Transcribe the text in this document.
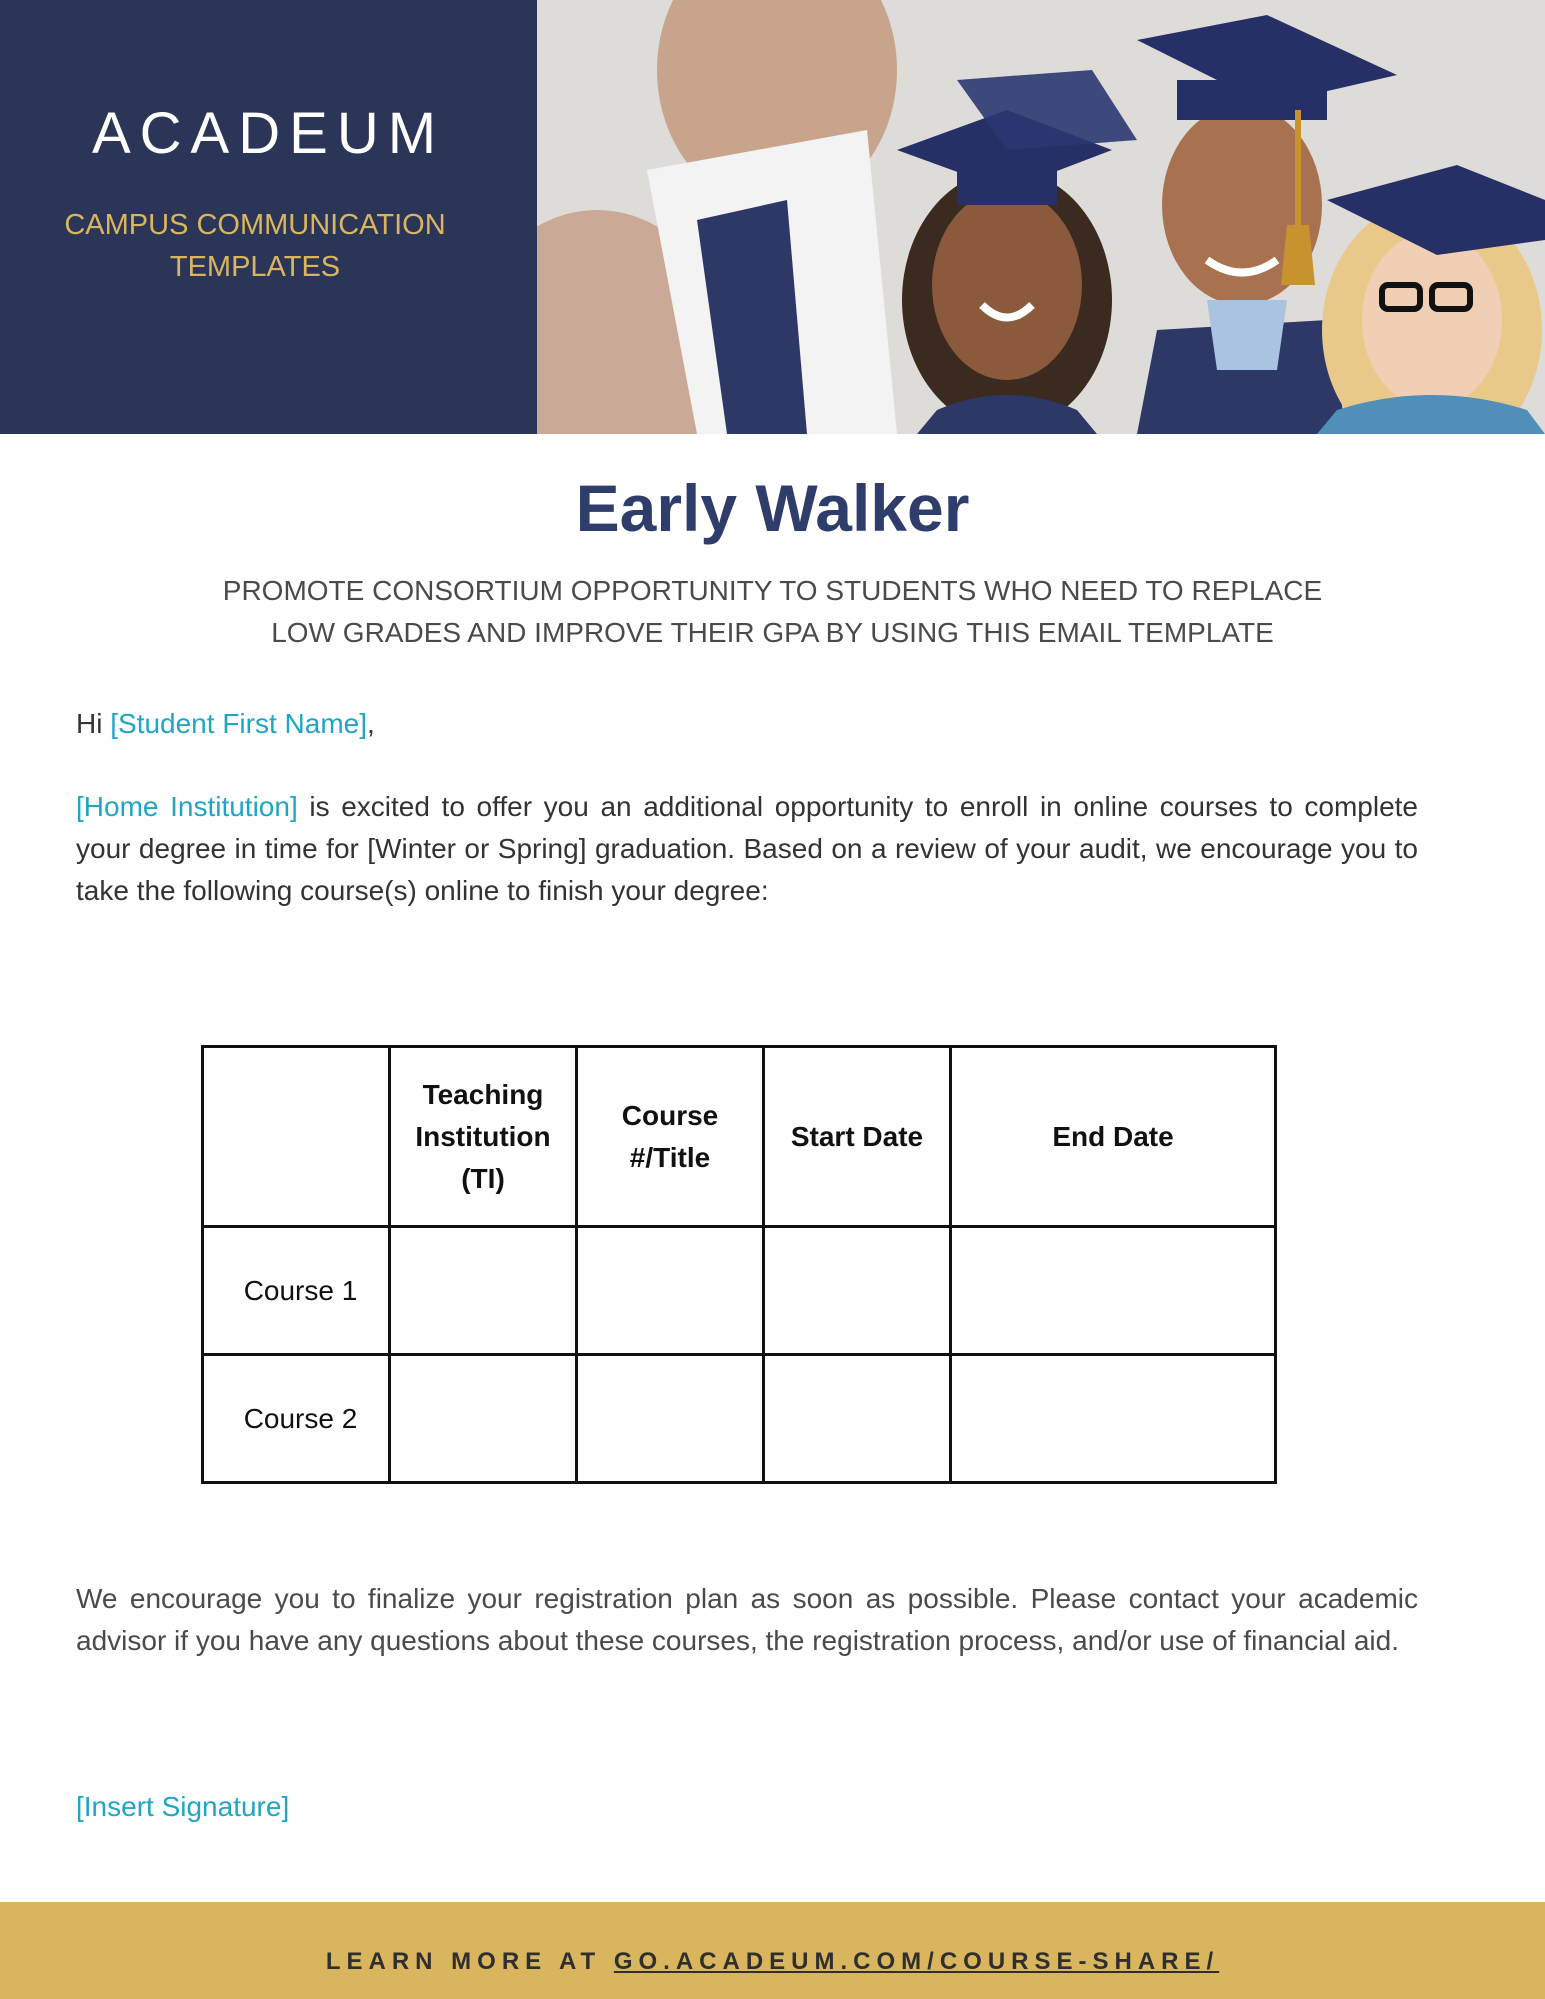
ACADEUM
CAMPUS COMMUNICATION
TEMPLATES
Early Walker
PROMOTE CONSORTIUM OPPORTUNITY TO STUDENTS WHO NEED TO REPLACE
LOW GRADES AND IMPROVE THEIR GPA BY USING THIS EMAIL TEMPLATE
Hi [Student First Name],
[Home Institution] is excited to offer you an additional opportunity to enroll in online courses to complete your degree in time for [Winter or Spring] graduation. Based on a review of your audit, we encourage you to take the following course(s) online to finish your degree:
	Teaching Institution (TI)	Course #/Title	Start Date	End Date
Course 1				
Course 2				
We encourage you to finalize your registration plan as soon as possible. Please contact your academic advisor if you have any questions about these courses, the registration process, and/or use of financial aid.
[Insert Signature]
LEARN MORE AT GO.ACADEUM.COM/COURSE-SHARE/
